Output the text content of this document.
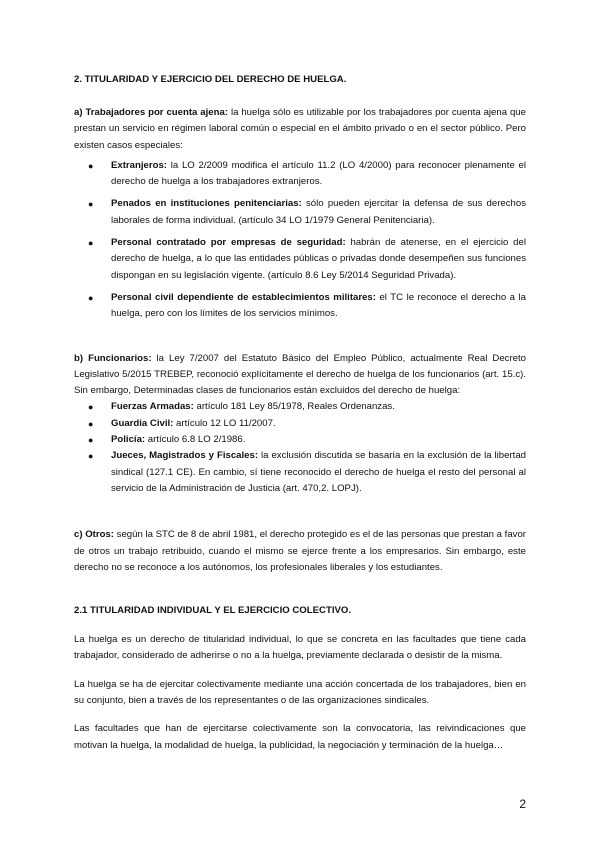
2. TITULARIDAD Y EJERCICIO DEL DERECHO DE HUELGA.

a) Trabajadores por cuenta ajena: la huelga sólo es utilizable por los trabajadores por cuenta ajena que prestan un servicio en régimen laboral común o especial en el ámbito privado o en el sector público. Pero existen casos especiales:

● Extranjeros: la LO 2/2009 modifica el artículo 11.2 (LO 4/2000) para reconocer plenamente el derecho de huelga a los trabajadores extranjeros.
● Penados en instituciones penitenciarias: sólo pueden ejercitar la defensa de sus derechos laborales de forma individual. (artículo 34 LO 1/1979 General Penitenciaria).
● Personal contratado por empresas de seguridad: habrán de atenerse, en el ejercicio del derecho de huelga, a lo que las entidades públicas o privadas donde desempeñen sus funciones dispongan en su legislación vigente. (artículo 8.6 Ley 5/2014 Seguridad Privada).
● Personal civil dependiente de establecimientos militares: el TC le reconoce el derecho a la huelga, pero con los límites de los servicios mínimos.

b) Funcionarios: la Ley 7/2007 del Estatuto Básico del Empleo Público, actualmente Real Decreto Legislativo 5/2015 TREBEP, reconoció explícitamente el derecho de huelga de los funcionarios (art. 15.c). Sin embargo, Determinadas clases de funcionarios están excluidos del derecho de huelga:

● Fuerzas Armadas: artículo 181 Ley 85/1978, Reales Ordenanzas.
● Guardia Civil: artículo 12 LO 11/2007.
● Policía: artículo 6.8 LO 2/1986.
● Jueces, Magistrados y Fiscales: la exclusión discutida se basaría en la exclusión de la libertad sindical (127.1 CE). En cambio, sí tiene reconocido el derecho de huelga el resto del personal al servicio de la Administración de Justicia (art. 470,2. LOPJ).

c) Otros: según la STC de 8 de abril 1981, el derecho protegido es el de las personas que prestan a favor de otros un trabajo retribuido, cuando el mismo se ejerce frente a los empresarios. Sin embargo, este derecho no se reconoce a los autónomos, los profesionales liberales y los estudiantes.

2.1 TITULARIDAD INDIVIDUAL Y EL EJERCICIO COLECTIVO.

La huelga es un derecho de titularidad individual, lo que se concreta en las facultades que tiene cada trabajador, considerado de adherirse o no a la huelga, previamente declarada o desistir de la misma.

La huelga se ha de ejercitar colectivamente mediante una acción concertada de los trabajadores, bien en su conjunto, bien a través de los representantes o de las organizaciones sindicales.

Las facultades que han de ejercitarse colectivamente son la convocatoria, las reivindicaciones que motivan la huelga, la modalidad de huelga, la publicidad, la negociación y terminación de la huelga…

2
